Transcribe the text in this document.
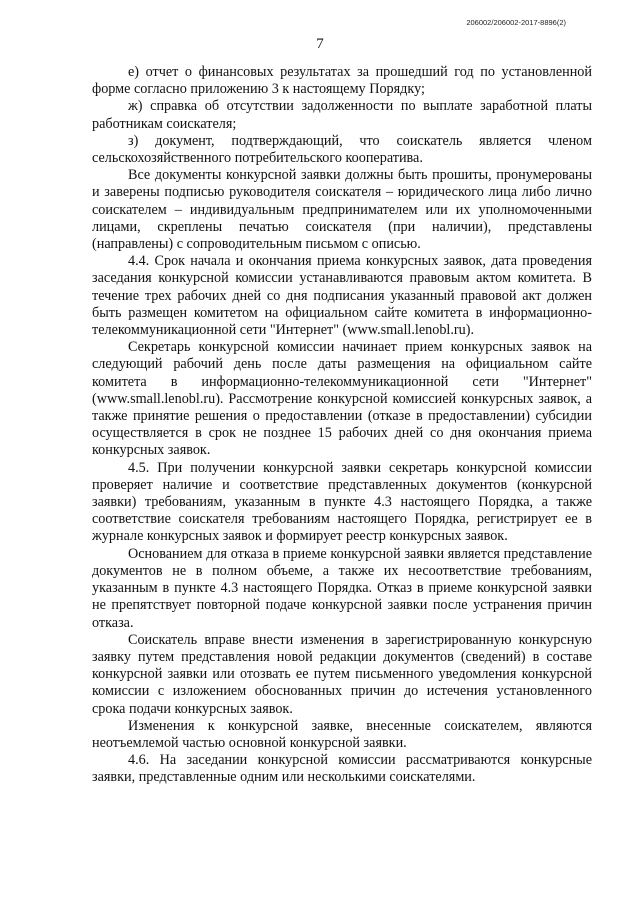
206002/206002-2017-8896(2)
7

е) отчет о финансовых результатах за прошедший год по установленной форме согласно приложению 3 к настоящему Порядку;

ж) справка об отсутствии задолженности по выплате заработной платы работникам соискателя;

з) документ, подтверждающий, что соискатель является членом сельскохозяйственного потребительского кооператива.

Все документы конкурсной заявки должны быть прошиты, пронумерованы и заверены подписью руководителя соискателя – юридического лица либо лично соискателем – индивидуальным предпринимателем или их уполномоченными лицами, скреплены печатью соискателя (при наличии), представлены (направлены) с сопроводительным письмом с описью.

4.4. Срок начала и окончания приема конкурсных заявок, дата проведения заседания конкурсной комиссии устанавливаются правовым актом комитета. В течение трех рабочих дней со дня подписания указанный правовой акт должен быть размещен комитетом на официальном сайте комитета в информационно-телекоммуникационной сети "Интернет" (www.small.lenobl.ru).

Секретарь конкурсной комиссии начинает прием конкурсных заявок на следующий рабочий день после даты размещения на официальном сайте комитета в информационно-телекоммуникационной сети "Интернет" (www.small.lenobl.ru). Рассмотрение конкурсной комиссией конкурсных заявок, а также принятие решения о предоставлении (отказе в предоставлении) субсидии осуществляется в срок не позднее 15 рабочих дней со дня окончания приема конкурсных заявок.

4.5. При получении конкурсной заявки секретарь конкурсной комиссии проверяет наличие и соответствие представленных документов (конкурсной заявки) требованиям, указанным в пункте 4.3 настоящего Порядка, а также соответствие соискателя требованиям настоящего Порядка, регистрирует ее в журнале конкурсных заявок и формирует реестр конкурсных заявок.

Основанием для отказа в приеме конкурсной заявки является представление документов не в полном объеме, а также их несоответствие требованиям, указанным в пункте 4.3 настоящего Порядка. Отказ в приеме конкурсной заявки не препятствует повторной подаче конкурсной заявки после устранения причин отказа.

Соискатель вправе внести изменения в зарегистрированную конкурсную заявку путем представления новой редакции документов (сведений) в составе конкурсной заявки или отозвать ее путем письменного уведомления конкурсной комиссии с изложением обоснованных причин до истечения установленного срока подачи конкурсных заявок.

Изменения к конкурсной заявке, внесенные соискателем, являются неотъемлемой частью основной конкурсной заявки.

4.6. На заседании конкурсной комиссии рассматриваются конкурсные заявки, представленные одним или несколькими соискателями.
